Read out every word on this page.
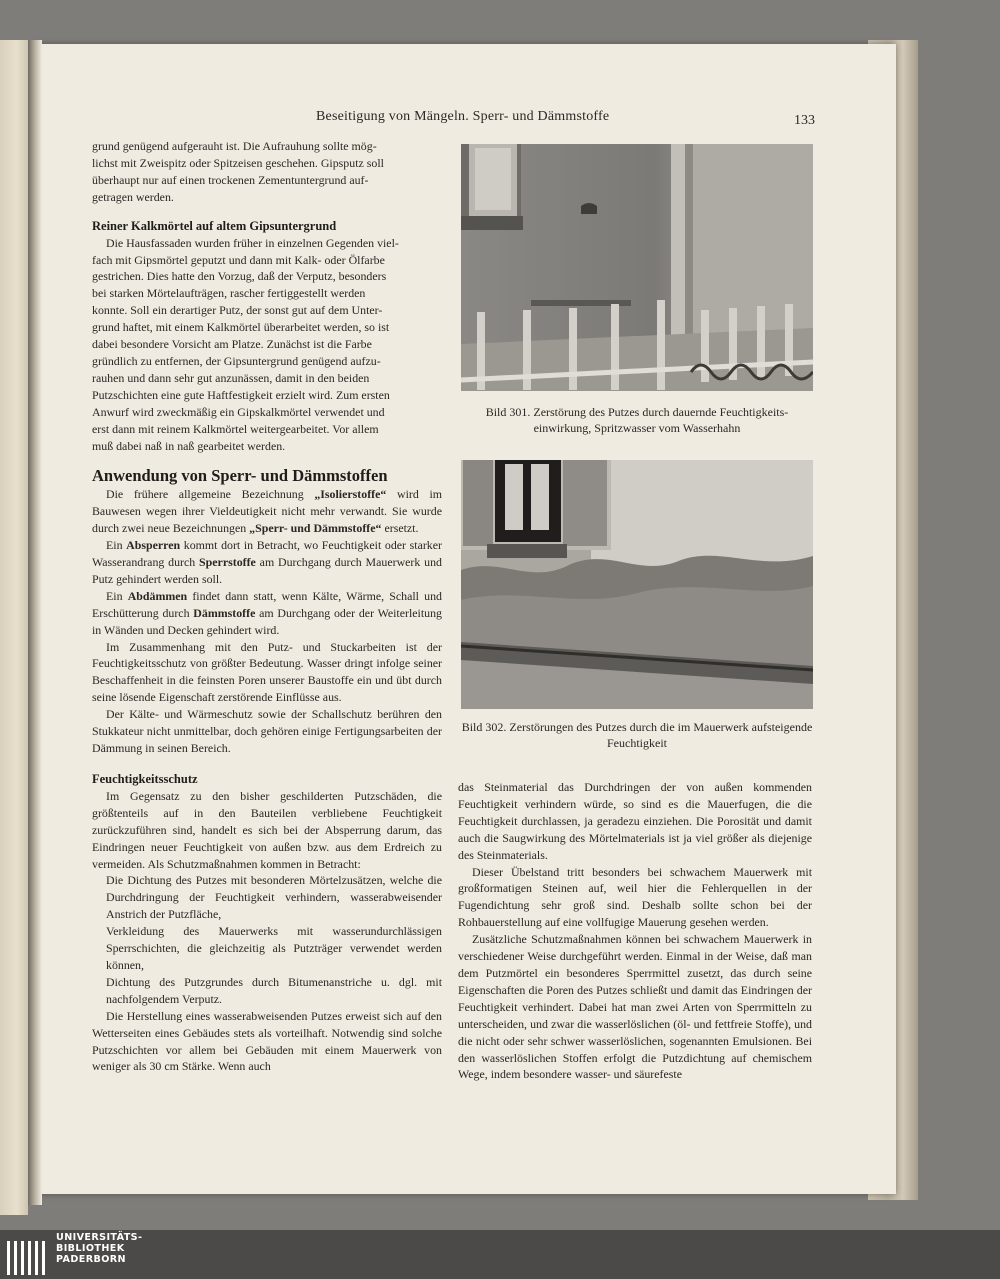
Beseitigung von Mängeln. Sperr- und Dämmstoffe	133

grund genügend aufgerauht ist. Die Aufrauhung sollte mög-

lichst mit Zweispitz oder Spitzeisen geschehen. Gipsputz soll

überhaupt nur auf einen trockenen Zementuntergrund auf-

getragen werden.

Reiner Kalkmörtel auf altem Gipsuntergrund

Die Hausfassaden wurden früher in einzelnen Gegenden viel-

fach mit Gipsmörtel geputzt und dann mit Kalk- oder Ölfarbe

gestrichen. Dies hatte den Vorzug, daß der Verputz, besonders

bei starken Mörtelaufträgen, rascher fertiggestellt werden

konnte. Soll ein derartiger Putz, der sonst gut auf dem Unter-

grund haftet, mit einem Kalkmörtel überarbeitet werden, so ist

dabei besondere Vorsicht am Platze. Zunächst ist die Farbe

gründlich zu entfernen, der Gipsuntergrund genügend aufzu-

rauhen und dann sehr gut anzunässen, damit in den beiden

Putzschichten eine gute Haftfestigkeit erzielt wird. Zum ersten

Anwurf wird zweckmäßig ein Gipskalkmörtel verwendet und

erst dann mit reinem Kalkmörtel weitergearbeitet. Vor allem

muß dabei naß in naß gearbeitet werden.

Anwendung von Sperr- und Dämmstoffen

Die frühere allgemeine Bezeichnung „Isolierstoffe“ wird im Bauwesen wegen ihrer Vieldeutigkeit nicht mehr verwandt. Sie wurde durch zwei neue Bezeichnungen „Sperr- und Dämmstoffe“ ersetzt.

Ein Absperren kommt dort in Betracht, wo Feuchtigkeit oder starker Wasserandrang durch Sperrstoffe am Durchgang durch Mauerwerk und Putz gehindert werden soll.

Ein Abdämmen findet dann statt, wenn Kälte, Wärme, Schall und Erschütterung durch Dämmstoffe am Durchgang oder der Weiterleitung in Wänden und Decken gehindert wird.

Im Zusammenhang mit den Putz- und Stuckarbeiten ist der Feuchtigkeitsschutz von größter Bedeutung. Wasser dringt infolge seiner Beschaffenheit in die feinsten Poren unserer Baustoffe ein und übt durch seine lösende Eigenschaft zerstörende Einflüsse aus.

Der Kälte- und Wärmeschutz sowie der Schallschutz berühren den Stukkateur nicht unmittelbar, doch gehören einige Fertigungsarbeiten der Dämmung in seinen Bereich.

Feuchtigkeitsschutz

Im Gegensatz zu den bisher geschilderten Putzschäden, die größtenteils auf in den Bauteilen verbliebene Feuchtigkeit zurückzuführen sind, handelt es sich bei der Absperrung darum, das Eindringen neuer Feuchtigkeit von außen bzw. aus dem Erdreich zu vermeiden. Als Schutzmaßnahmen kommen in Betracht:

Die Dichtung des Putzes mit besonderen Mörtelzusätzen, welche die Durchdringung der Feuchtigkeit verhindern, wasserabweisender Anstrich der Putzfläche,

Verkleidung des Mauerwerks mit wasserundurchlässigen Sperrschichten, die gleichzeitig als Putzträger verwendet werden können,

Dichtung des Putzgrundes durch Bitumenanstriche u. dgl. mit nachfolgendem Verputz.

Die Herstellung eines wasserabweisenden Putzes erweist sich auf den Wetterseiten eines Gebäudes stets als vorteilhaft. Notwendig sind solche Putzschichten vor allem bei Gebäuden mit einem Mauerwerk von weniger als 30 cm Stärke. Wenn auch

Bild 301. Zerstörung des Putzes durch dauernde Feuchtigkeits-einwirkung, Spritzwasser vom Wasserhahn
Bild 302. Zerstörungen des Putzes durch die im Mauerwerk aufsteigende Feuchtigkeit

das Steinmaterial das Durchdringen der von außen kommenden Feuchtigkeit verhindern würde, so sind es die Mauerfugen, die die Feuchtigkeit durchlassen, ja geradezu einziehen. Die Porosität und damit auch die Saugwirkung des Mörtelmaterials ist ja viel größer als diejenige des Steinmaterials.

Dieser Übelstand tritt besonders bei schwachem Mauerwerk mit großformatigen Steinen auf, weil hier die Fehlerquellen in der Fugendichtung sehr groß sind. Deshalb sollte schon bei der Rohbauerstellung auf eine vollfugige Mauerung gesehen werden.

Zusätzliche Schutzmaßnahmen können bei schwachem Mauerwerk in verschiedener Weise durchgeführt werden. Einmal in der Weise, daß man dem Putzmörtel ein besonderes Sperrmittel zusetzt, das durch seine Eigenschaften die Poren des Putzes schließt und damit das Eindringen der Feuchtigkeit verhindert. Dabei hat man zwei Arten von Sperrmitteln zu unterscheiden, und zwar die wasserlöslichen (öl- und fettfreie Stoffe), und die nicht oder sehr schwer wasserlöslichen, sogenannten Emulsionen. Bei den wasserlöslichen Stoffen erfolgt die Putzdichtung auf chemischem Wege, indem besondere wasser- und säurefeste

UNIVERSITÄTS-
BIBLIOTHEK
PADERBORN
